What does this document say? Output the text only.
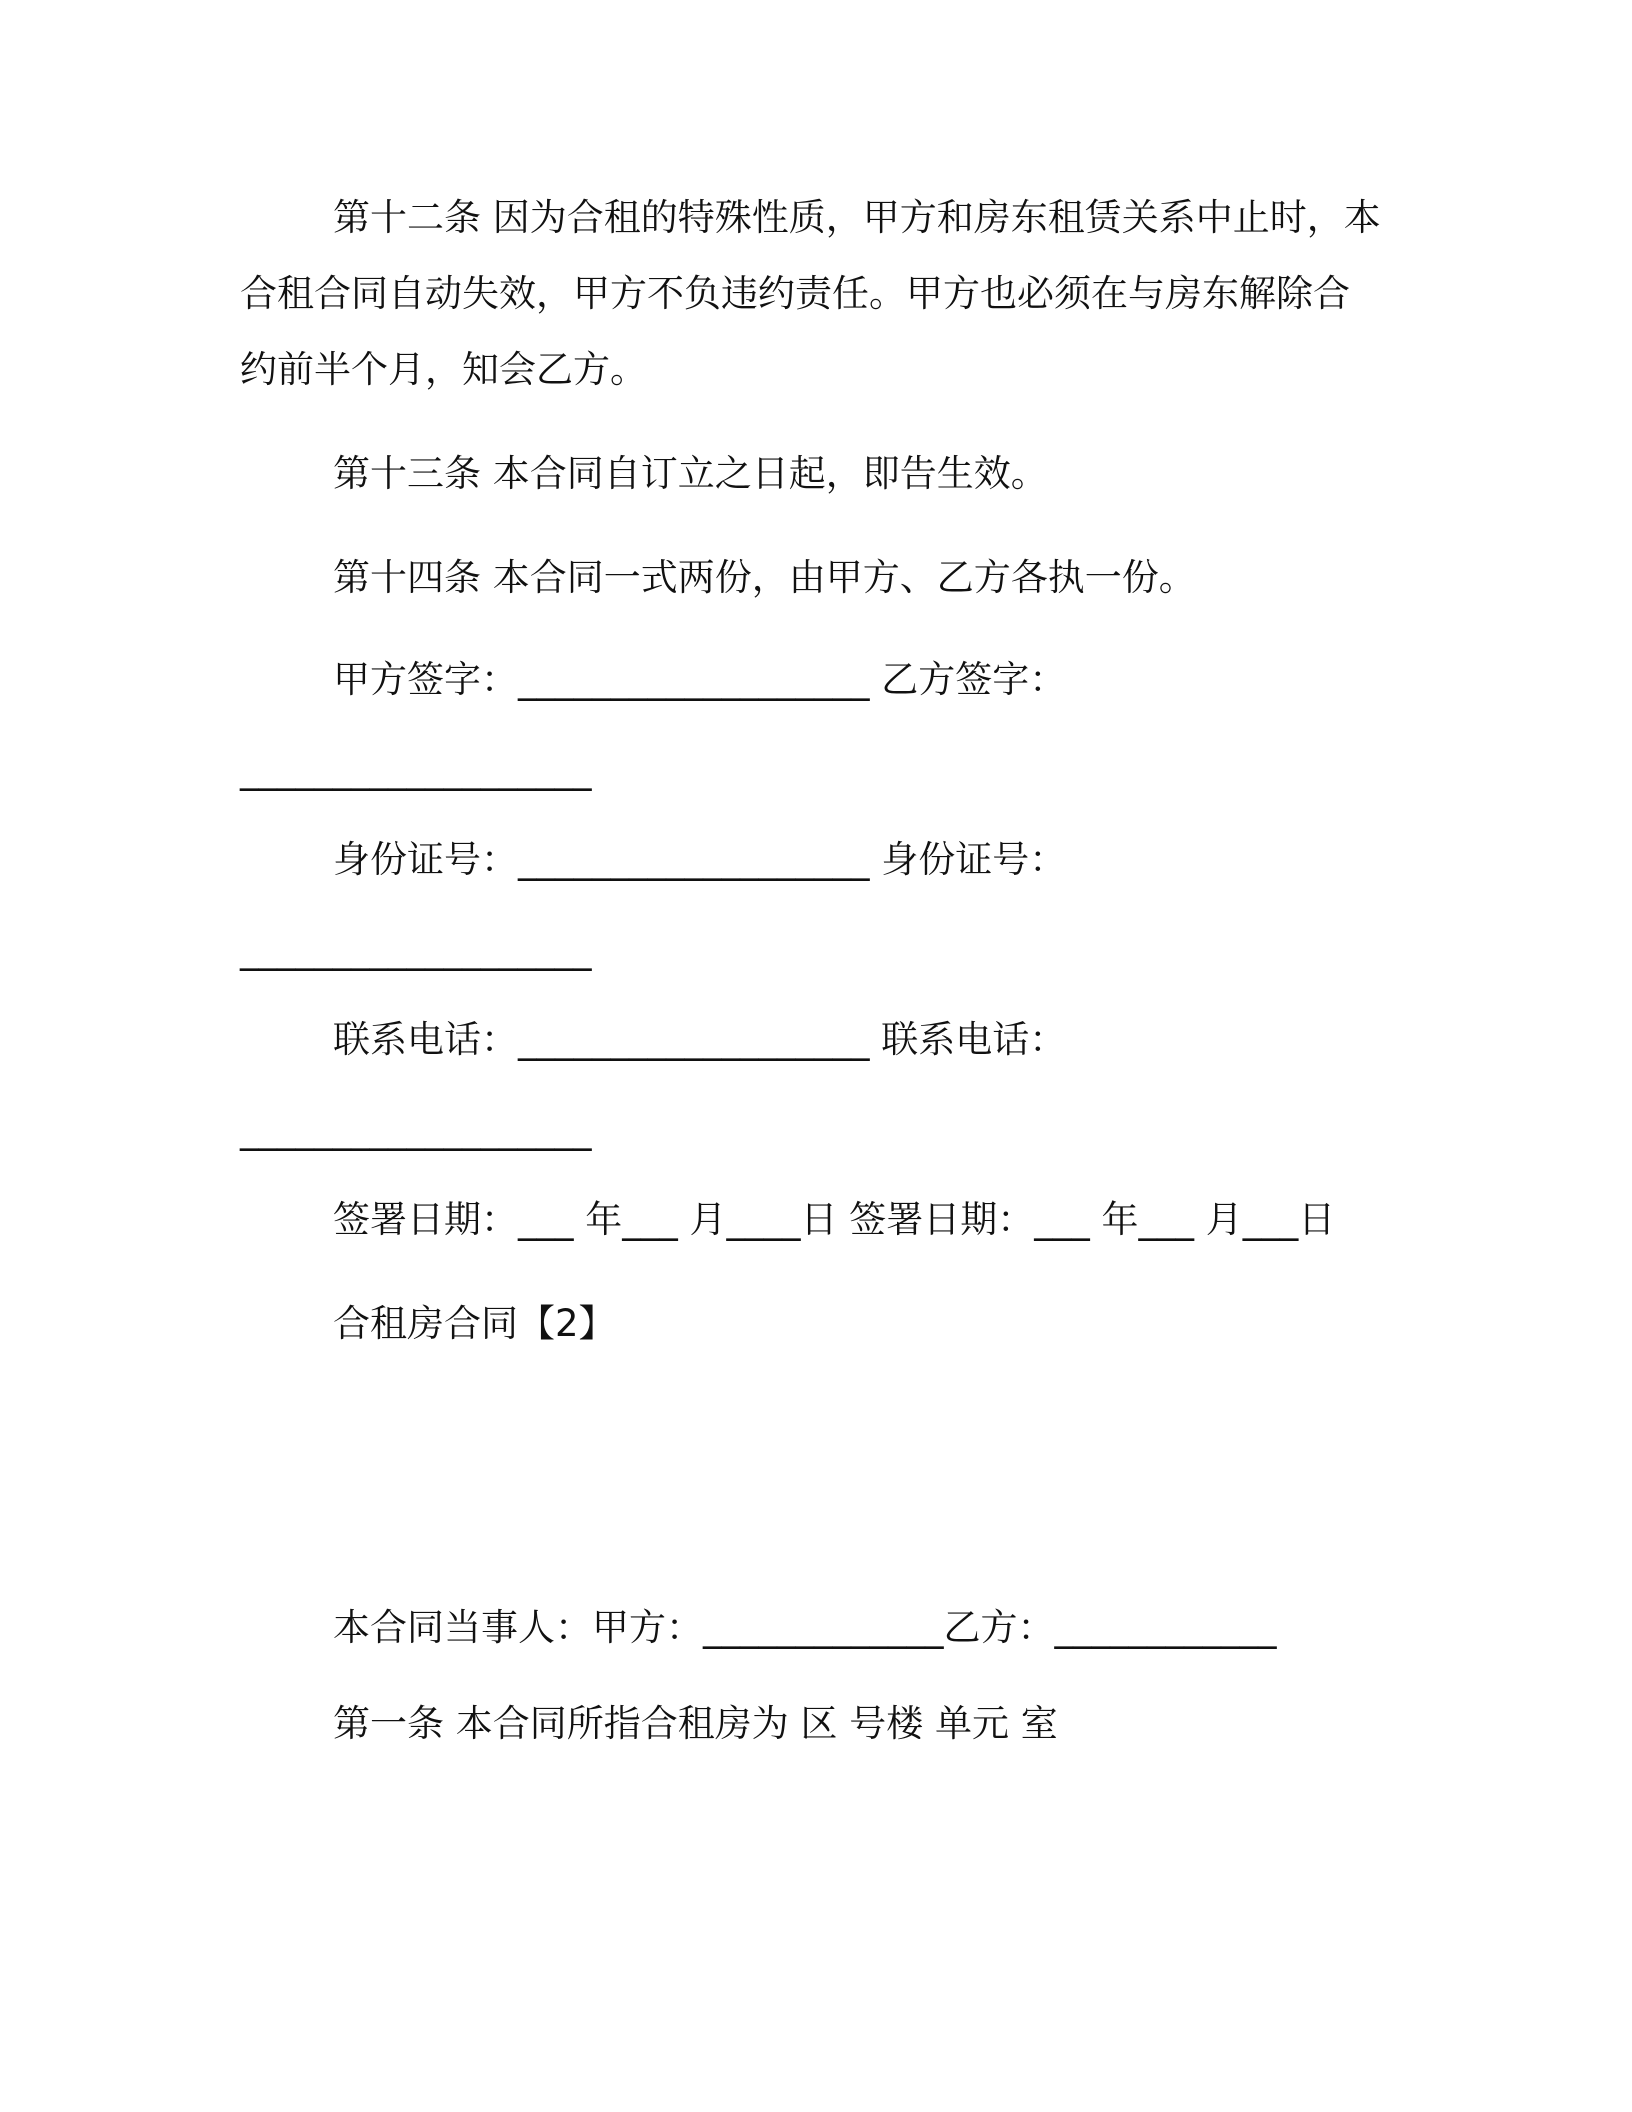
第十二条 因为合租的特殊性质，甲方和房东租赁关系中止时，本
合租合同自动失效，甲方不负违约责任。甲方也必须在与房东解除合
约前半个月，知会乙方。
第十三条 本合同自订立之日起，即告生效。
第十四条 本合同一式两份，由甲方、乙方各执一份。
甲方签字：___________________ 乙方签字：
___________________
身份证号：___________________ 身份证号：
___________________
联系电话：___________________ 联系电话：
___________________
签署日期：___ 年___ 月____日 签署日期：___ 年___ 月___日
合租房合同【2】
本合同当事人：甲方：_____________乙方：____________
第一条 本合同所指合租房为 区 号楼 单元 室
